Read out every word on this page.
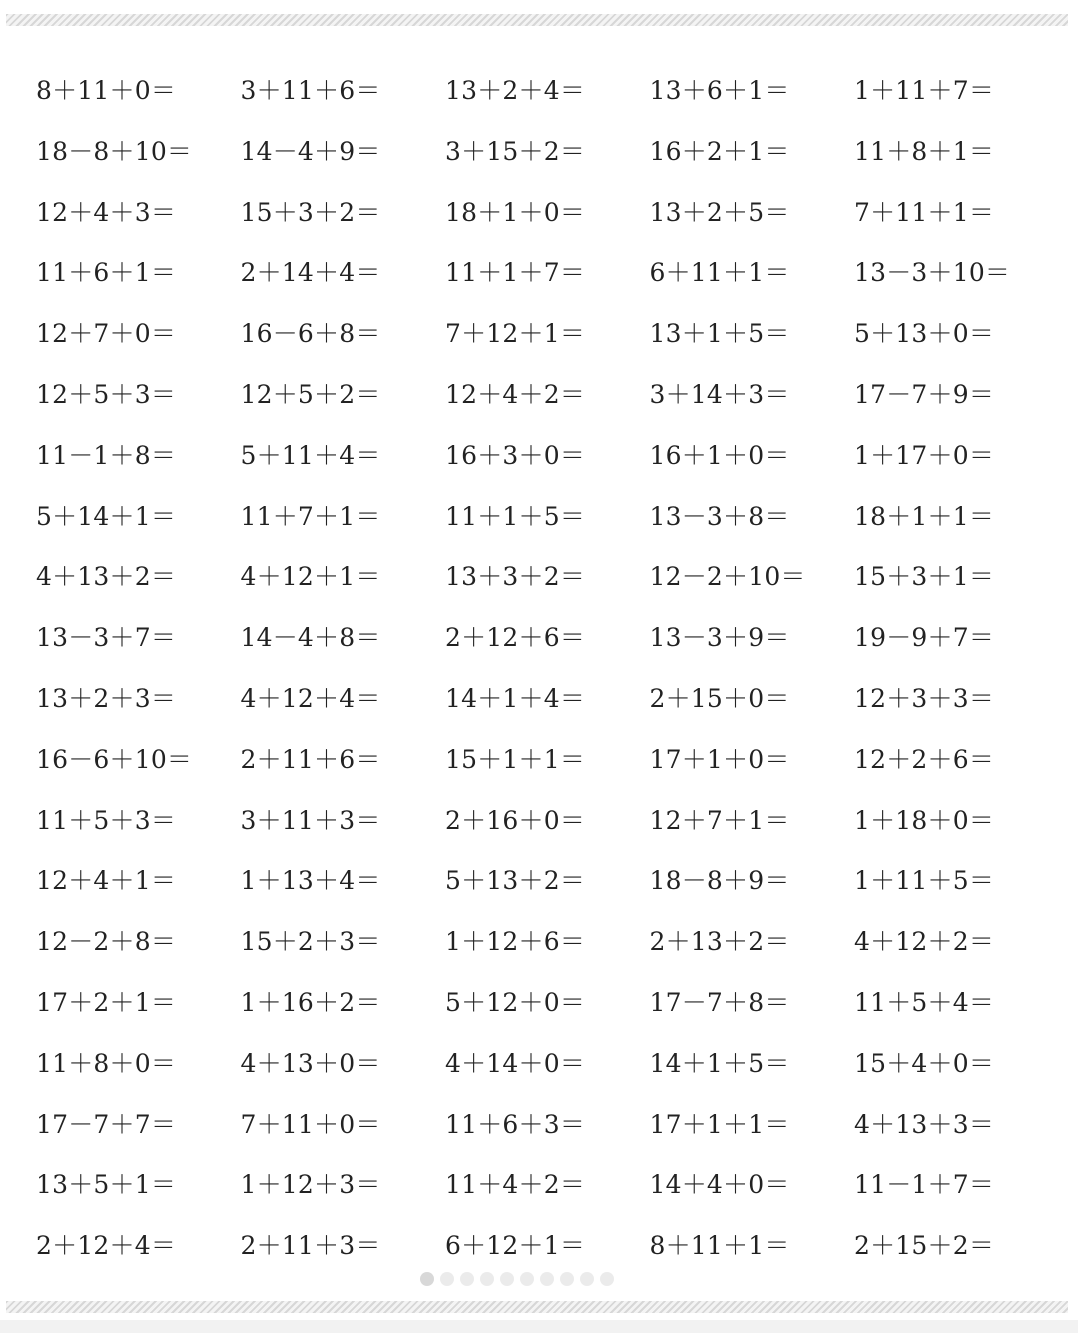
8＋11＋0＝	3＋11＋6＝	13＋2＋4＝	13＋6＋1＝	1＋11＋7＝
18－8＋10＝	14－4＋9＝	3＋15＋2＝	16＋2＋1＝	11＋8＋1＝
12＋4＋3＝	15＋3＋2＝	18＋1＋0＝	13＋2＋5＝	7＋11＋1＝
11＋6＋1＝	2＋14＋4＝	11＋1＋7＝	6＋11＋1＝	13－3＋10＝
12＋7＋0＝	16－6＋8＝	7＋12＋1＝	13＋1＋5＝	5＋13＋0＝
12＋5＋3＝	12＋5＋2＝	12＋4＋2＝	3＋14＋3＝	17－7＋9＝
11－1＋8＝	5＋11＋4＝	16＋3＋0＝	16＋1＋0＝	1＋17＋0＝
5＋14＋1＝	11＋7＋1＝	11＋1＋5＝	13－3＋8＝	18＋1＋1＝
4＋13＋2＝	4＋12＋1＝	13＋3＋2＝	12－2＋10＝	15＋3＋1＝
13－3＋7＝	14－4＋8＝	2＋12＋6＝	13－3＋9＝	19－9＋7＝
13＋2＋3＝	4＋12＋4＝	14＋1＋4＝	2＋15＋0＝	12＋3＋3＝
16－6＋10＝	2＋11＋6＝	15＋1＋1＝	17＋1＋0＝	12＋2＋6＝
11＋5＋3＝	3＋11＋3＝	2＋16＋0＝	12＋7＋1＝	1＋18＋0＝
12＋4＋1＝	1＋13＋4＝	5＋13＋2＝	18－8＋9＝	1＋11＋5＝
12－2＋8＝	15＋2＋3＝	1＋12＋6＝	2＋13＋2＝	4＋12＋2＝
17＋2＋1＝	1＋16＋2＝	5＋12＋0＝	17－7＋8＝	11＋5＋4＝
11＋8＋0＝	4＋13＋0＝	4＋14＋0＝	14＋1＋5＝	15＋4＋0＝
17－7＋7＝	7＋11＋0＝	11＋6＋3＝	17＋1＋1＝	4＋13＋3＝
13＋5＋1＝	1＋12＋3＝	11＋4＋2＝	14＋4＋0＝	11－1＋7＝
2＋12＋4＝	2＋11＋3＝	6＋12＋1＝	8＋11＋1＝	2＋15＋2＝
